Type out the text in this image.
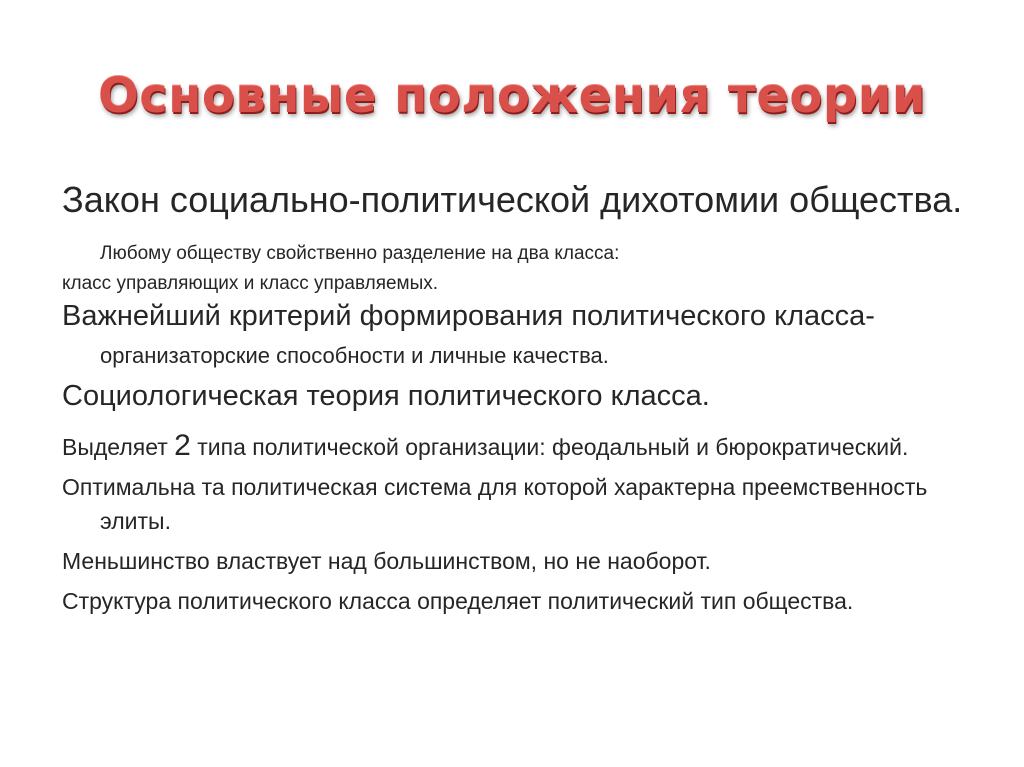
Основные положения теории

Закон социально-политической дихотомии общества. Любому обществу свойственно разделение на два класса:
класс управляющих и класс управляемых.

Важнейший критерий формирования политического класса-
организаторские способности и личные качества.

Социологическая теория политического класса.

Выделяет 2 типа политической организации: феодальный и бюрократический.

Оптимальна та политическая система для которой характерна преемственность элиты.

Меньшинство властвует над большинством, но не наоборот.

Структура политического класса определяет политический тип общества.
